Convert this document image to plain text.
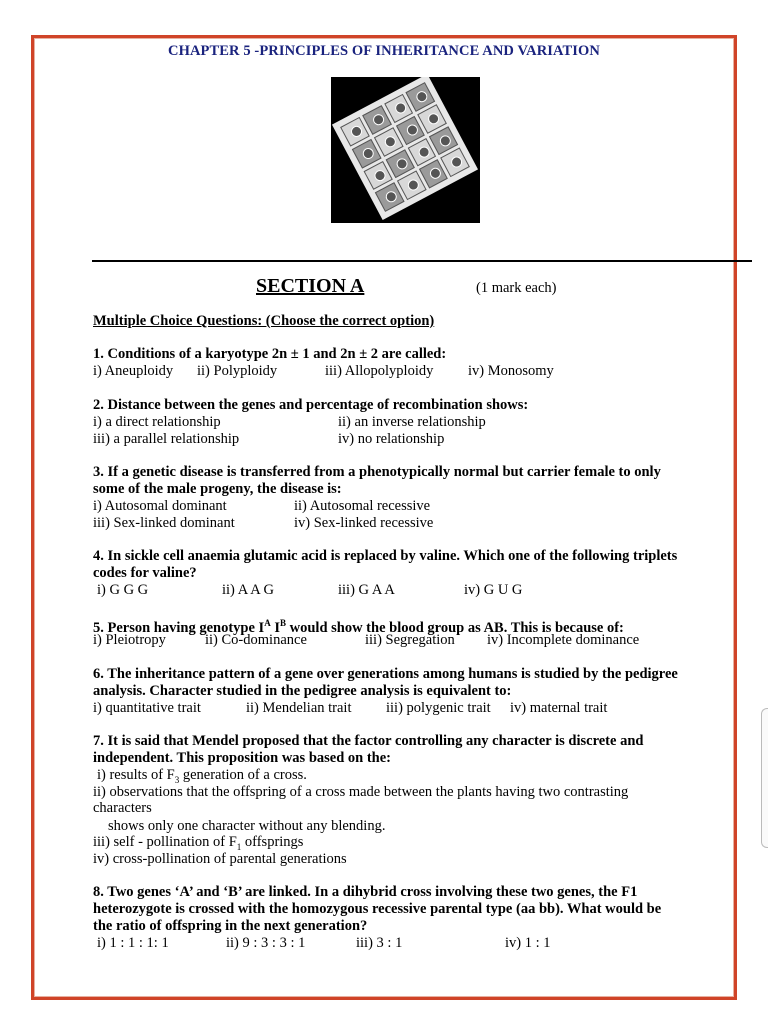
CHAPTER 5 -PRINCIPLES OF INHERITANCE AND VARIATION
SECTION A	(1 mark each)
Multiple Choice Questions: (Choose the correct option)
1. Conditions of a karyotype 2n ± 1 and 2n ± 2 are called:
i) Aneuploidy ii) Polyploidy	iii) Allopolyploidy iv) Monosomy
2. Distance between the genes and percentage of recombination shows:
i) a direct relationship	ii) an inverse relationship
iii) a parallel relationship	iv) no relationship
3. If a genetic disease is transferred from a phenotypically normal but carrier female to only
some of the male progeny, the disease is:
i) Autosomal dominant	ii) Autosomal recessive
iii) Sex-linked dominant	iv) Sex-linked recessive
4. In sickle cell anaemia glutamic acid is replaced by valine. Which one of the following triplets
codes for valine?
i) G G G	ii) A A G	iii) G A A	iv) G U G
5. Person having genotype $I^A$ $I^B$ would show the blood group as AB. This is because of:
i) Pleiotropy	ii) Co-dominance	iii) Segregation iv) Incomplete dominance
6. The inheritance pattern of a gene over generations among humans is studied by the pedigree
analysis. Character studied in the pedigree analysis is equivalent to:
i) quantitative trait	ii) Mendelian trait iii) polygenic trait iv) maternal trait
7. It is said that Mendel proposed that the factor controlling any character is discrete and
independent. This proposition was based on the:
i) results of $F_3$ generation of a cross.
ii) observations that the offspring of a cross made between the plants having two contrasting
characters
shows only one character without any blending.
iii) self - pollination of $F_1$ offsprings
iv) cross-pollination of parental generations
8. Two genes ‘A’ and ‘B’ are linked. In a dihybrid cross involving these two genes, the F1
heterozygote is crossed with the homozygous recessive parental type (aa bb). What would be
the ratio of offspring in the next generation?
i) 1 : 1 : 1: 1	ii) 9 : 3 : 3 : 1	iii) 3 : 1	iv) 1 : 1
